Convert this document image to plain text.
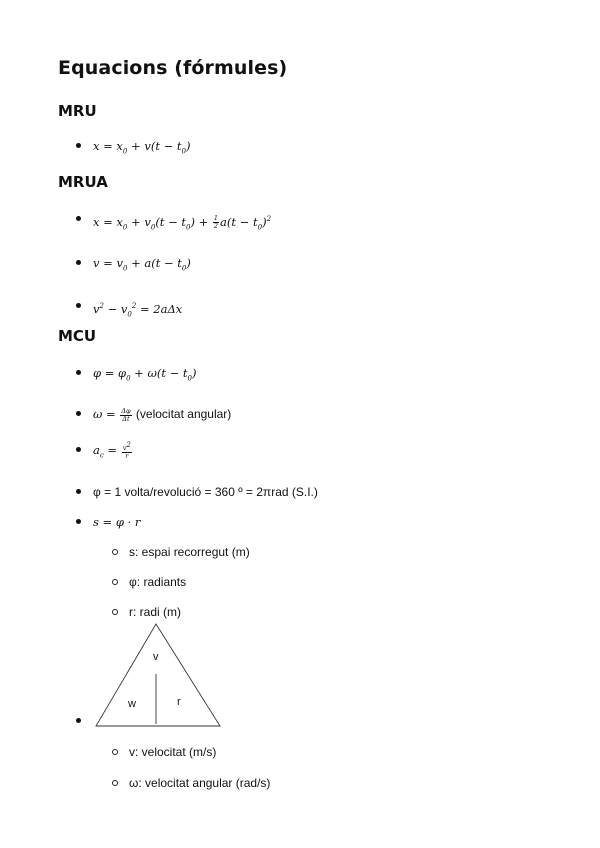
Equacions (fórmules)
MRU
$x = x_0 + v(t - t_0)$
MRUA
$x = x_0 + v_0(t - t_0) + \frac{1}{2} a(t - t_0)^2$
$v = v_0 + a(t - t_0)$
$v^2 - v_0^2 = 2a\Delta x$
MCU
$\varphi = \varphi_0 + \omega(t - t_0)$
$\omega = \frac{\Delta\varphi}{\Delta t}$ (velocitat angular)
$a_c = \frac{v^2}{r}$
φ = 1 volta/revolució = 360 º = 2πrad (S.I.)
s = φ · r
s: espai recorregut (m)
φ: radiants
r: radi (m)
v
w	r
v: velocitat (m/s)
ω: velocitat angular (rad/s)
